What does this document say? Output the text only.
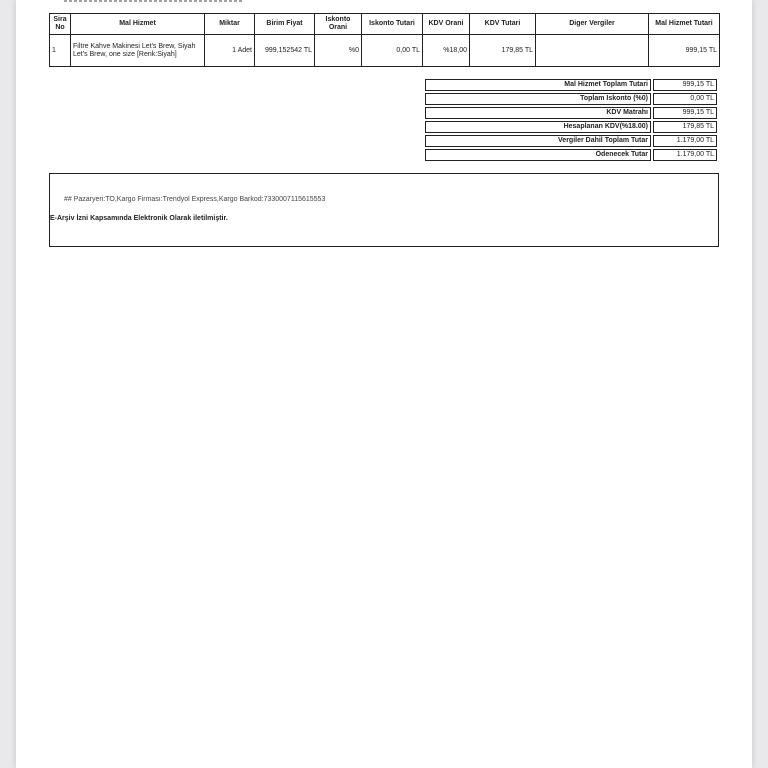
Sira No	Mal Hizmet	Miktar	Birim Fiyat	Iskonto Orani	Iskonto Tutari	KDV Orani	KDV Tutari	Diger Vergiler	Mal Hizmet Tutari
1	Filtre Kahve Makinesi Let's Brew, Siyah Let's Brew, one size [Renk:Siyah]	1 Adet	999,152542 TL	%0	0,00 TL	%18,00	179,85 TL		999,15 TL
Mal Hizmet Toplam Tutari	999,15 TL
Toplam Iskonto (%0)	0,00 TL
KDV Matrahı	999,15 TL
Hesaplanan KDV(%18.00)	179,85 TL
Vergiler Dahil Toplam Tutar	1.179,00 TL
Ödenecek Tutar	1.179,00 TL
## Pazaryeri:TO,Kargo Firması:Trendyol Express,Kargo Barkod:7330007115615553
E-Arşiv İzni Kapsamında Elektronik Olarak iletilmiştir.
